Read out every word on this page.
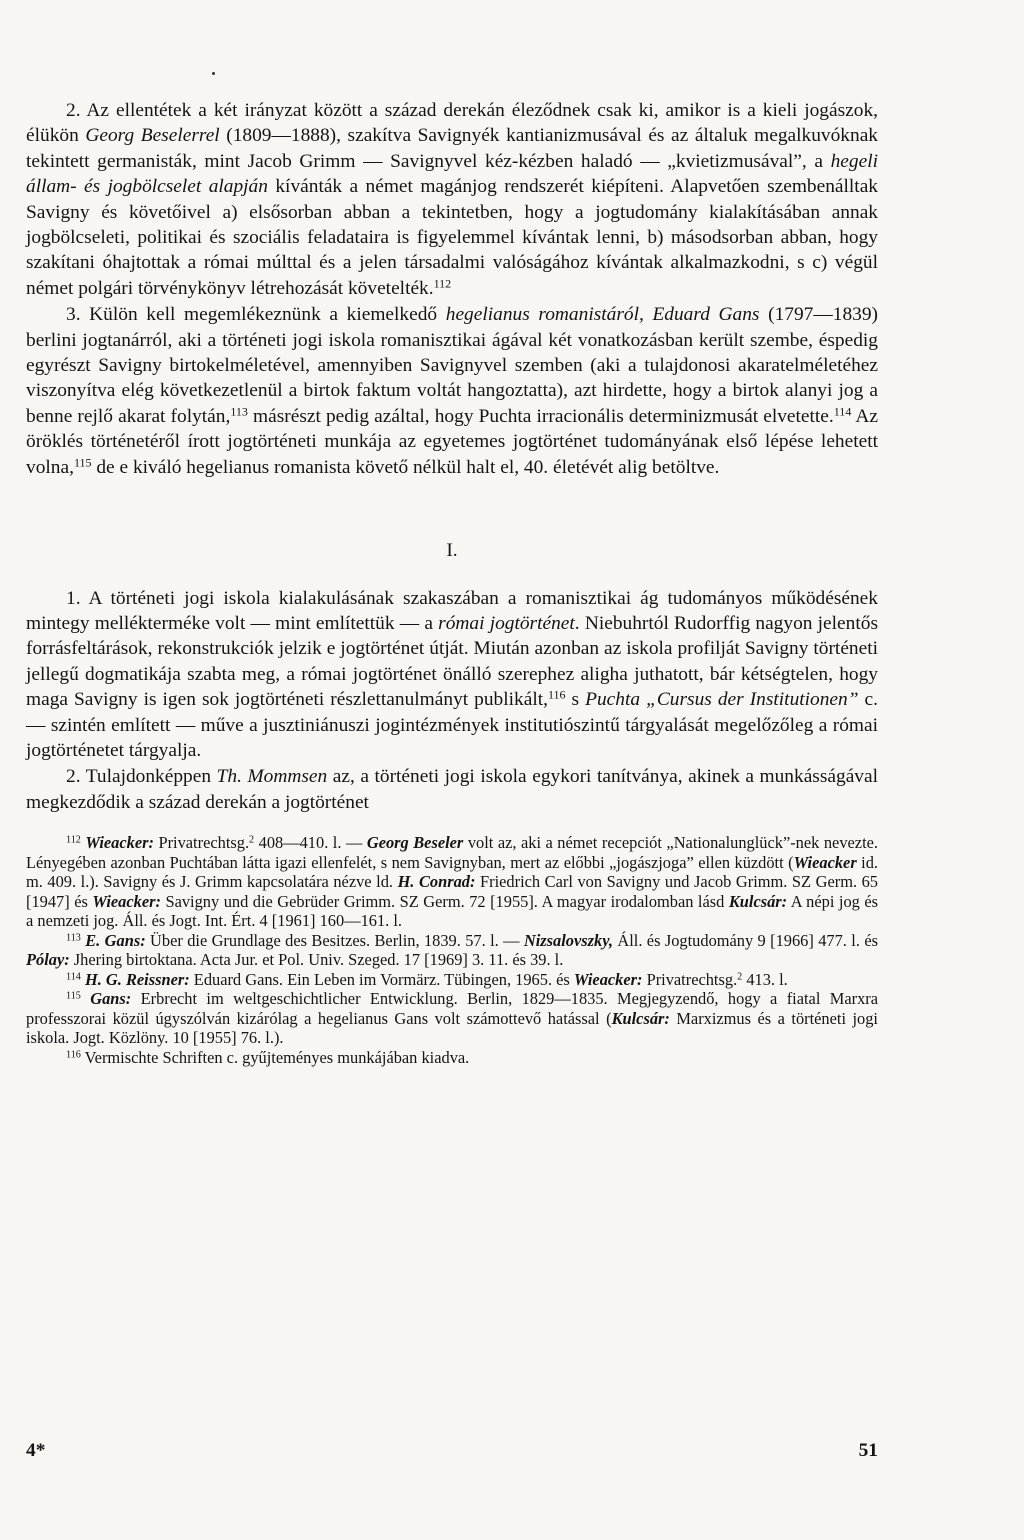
2. Az ellentétek a két irányzat között a század derekán éleződnek csak ki, amikor is a kieli jogászok, élükön Georg Beselerrel (1809—1888), szakítva Savignyék kantianizmusával és az általuk megalkuvóknak tekintett germanisták, mint Jacob Grimm — Savignyvel kéz-kézben haladó — „kvietizmusával”, a hegeli állam- és jogbölcselet alapján kívánták a német magánjog rendszerét kiépíteni. Alapvetően szembenálltak Savigny és követőivel a) elsősorban abban a tekintetben, hogy a jogtudomány kialakításában annak jogbölcseleti, politikai és szociális feladataira is figyelemmel kívántak lenni, b) másodsorban abban, hogy szakítani óhajtottak a római múlttal és a jelen társadalmi valóságához kívántak alkalmazkodni, s c) végül német polgári törvénykönyv létrehozását követelték.$^{112}$

3. Külön kell megemlékeznünk a kiemelkedő hegelianus romanistáról, Eduard Gans (1797—1839) berlini jogtanárról, aki a történeti jogi iskola romanisztikai ágával két vonatkozásban került szembe, éspedig egyrészt Savigny birtokelméletével, amennyiben Savignyvel szemben (aki a tulajdonosi akaratelméletéhez viszonyítva elég következetlenül a birtok faktum voltát hangoztatta), azt hirdette, hogy a birtok alanyi jog a benne rejlő akarat folytán,$^{113}$ másrészt pedig azáltal, hogy Puchta irracionális determinizmusát elvetette.$^{114}$ Az öröklés történetéről írott jogtörténeti munkája az egyetemes jogtörténet tudományának első lépése lehetett volna,$^{115}$ de e kiváló hegelianus romanista követő nélkül halt el, 40. életévét alig betöltve.

I.

1. A történeti jogi iskola kialakulásának szakaszában a romanisztikai ág tudományos működésének mintegy mellékterméke volt — mint említettük — a római jogtörténet. Niebuhrtól Rudorffig nagyon jelentős forrásfeltárások, rekonstrukciók jelzik e jogtörténet útját. Miután azonban az iskola profilját Savigny történeti jellegű dogmatikája szabta meg, a római jogtörténet önálló szerephez aligha juthatott, bár kétségtelen, hogy maga Savigny is igen sok jogtörténeti részlettanulmányt publikált,$^{116}$ s Puchta „Cursus der Institutionen” c. — szintén említett — műve a jusztiniánuszi jogintézmények institutiószintű tárgyalását megelőzőleg a római jogtörténetet tárgyalja.

2. Tulajdonképpen Th. Mommsen az, a történeti jogi iskola egykori tanítványa, akinek a munkásságával megkezdődik a század derekán a jogtörténet

$^{112}$ Wieacker: Privatrechtsg.$^2$ 408—410. l. — Georg Beseler volt az, aki a német recepciót „Nationalunglück”-nek nevezte. Lényegében azonban Puchtában látta igazi ellenfelét, s nem Savignyban, mert az előbbi „jogászjoga” ellen küzdött (Wieacker id. m. 409. l.). Savigny és J. Grimm kapcsolatára nézve ld. H. Conrad: Friedrich Carl von Savigny und Jacob Grimm. SZ Germ. 65 [1947] és Wieacker: Savigny und die Gebrüder Grimm. SZ Germ. 72 [1955]. A magyar irodalomban lásd Kulcsár: A népi jog és a nemzeti jog. Áll. és Jogt. Int. Ért. 4 [1961] 160—161. l.

$^{113}$ E. Gans: Über die Grundlage des Besitzes. Berlin, 1839. 57. l. — Nizsalovszky, Áll. és Jogtudomány 9 [1966] 477. l. és Pólay: Jhering birtoktana. Acta Jur. et Pol. Univ. Szeged. 17 [1969] 3. 11. és 39. l.

$^{114}$ H. G. Reissner: Eduard Gans. Ein Leben im Vormärz. Tübingen, 1965. és Wieacker: Privatrechtsg.$^2$ 413. l.

$^{115}$ Gans: Erbrecht im weltgeschichtlicher Entwicklung. Berlin, 1829—1835. Megjegyzendő, hogy a fiatal Marxra professzorai közül úgyszólván kizárólag a hegelianus Gans volt számottevő hatással (Kulcsár: Marxizmus és a történeti jogi iskola. Jogt. Közlöny. 10 [1955] 76. l.).

$^{116}$ Vermischte Schriften c. gyűjteményes munkájában kiadva.

4*	51
